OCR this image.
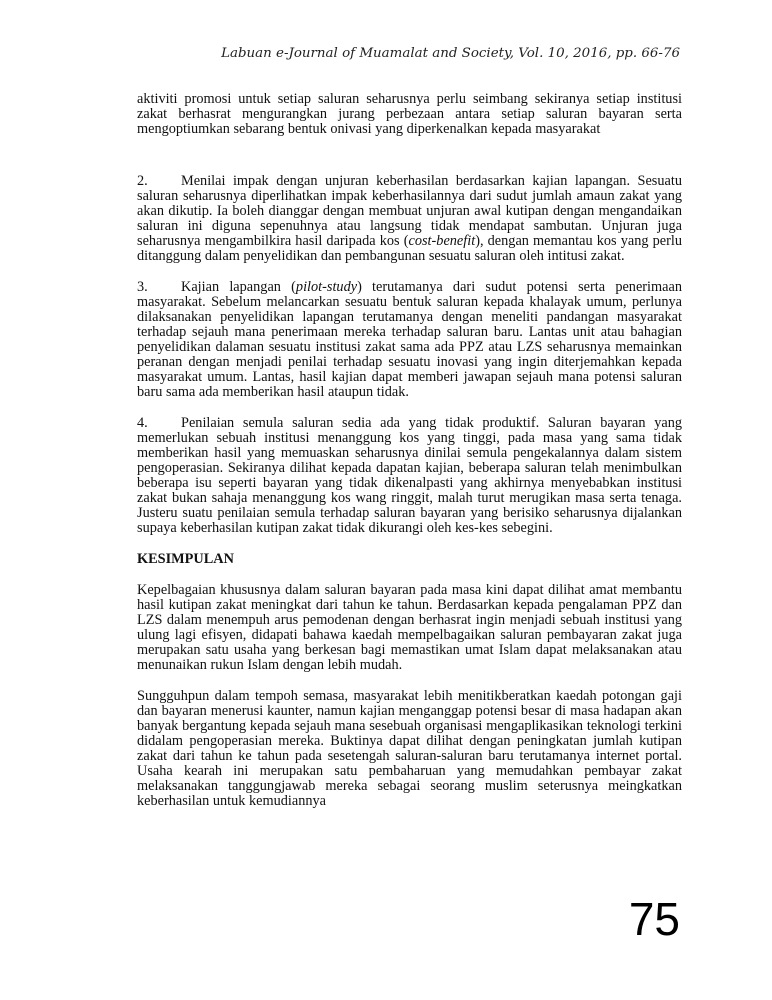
Labuan e-Journal of Muamalat and Society, Vol. 10, 2016, pp. 66-76

aktiviti promosi untuk setiap saluran seharusnya perlu seimbang sekiranya setiap institusi zakat berhasrat mengurangkan jurang perbezaan antara setiap saluran bayaran serta mengoptiumkan sebarang bentuk onivasi yang diperkenalkan kepada masyarakat

2. Menilai impak dengan unjuran keberhasilan berdasarkan kajian lapangan. Sesuatu saluran seharusnya diperlihatkan impak keberhasilannya dari sudut jumlah amaun zakat yang akan dikutip. Ia boleh dianggar dengan membuat unjuran awal kutipan dengan mengandaikan saluran ini diguna sepenuhnya atau langsung tidak mendapat sambutan. Unjuran juga seharusnya mengambilkira hasil daripada kos (cost-benefit), dengan memantau kos yang perlu ditanggung dalam penyelidikan dan pembangunan sesuatu saluran oleh intitusi zakat.

3. Kajian lapangan (pilot-study) terutamanya dari sudut potensi serta penerimaan masyarakat. Sebelum melancarkan sesuatu bentuk saluran kepada khalayak umum, perlunya dilaksanakan penyelidikan lapangan terutamanya dengan meneliti pandangan masyarakat terhadap sejauh mana penerimaan mereka terhadap saluran baru. Lantas unit atau bahagian penyelidikan dalaman sesuatu institusi zakat sama ada PPZ atau LZS seharusnya memainkan peranan dengan menjadi penilai terhadap sesuatu inovasi yang ingin diterjemahkan kepada masyarakat umum. Lantas, hasil kajian dapat memberi jawapan sejauh mana potensi saluran baru sama ada memberikan hasil ataupun tidak.

4. Penilaian semula saluran sedia ada yang tidak produktif. Saluran bayaran yang memerlukan sebuah institusi menanggung kos yang tinggi, pada masa yang sama tidak memberikan hasil yang memuaskan seharusnya dinilai semula pengekalannya dalam sistem pengoperasian. Sekiranya dilihat kepada dapatan kajian, beberapa saluran telah menimbulkan beberapa isu seperti bayaran yang tidak dikenalpasti yang akhirnya menyebabkan institusi zakat bukan sahaja menanggung kos wang ringgit, malah turut merugikan masa serta tenaga. Justeru suatu penilaian semula terhadap saluran bayaran yang berisiko seharusnya dijalankan supaya keberhasilan kutipan zakat tidak dikurangi oleh kes-kes sebegini.

KESIMPULAN

Kepelbagaian khususnya dalam saluran bayaran pada masa kini dapat dilihat amat membantu hasil kutipan zakat meningkat dari tahun ke tahun. Berdasarkan kepada pengalaman PPZ dan LZS dalam menempuh arus pemodenan dengan berhasrat ingin menjadi sebuah institusi yang ulung lagi efisyen, didapati bahawa kaedah mempelbagaikan saluran pembayaran zakat juga merupakan satu usaha yang berkesan bagi memastikan umat Islam dapat melaksanakan atau menunaikan rukun Islam dengan lebih mudah.

Sungguhpun dalam tempoh semasa, masyarakat lebih menitikberatkan kaedah potongan gaji dan bayaran menerusi kaunter, namun kajian menganggap potensi besar di masa hadapan akan banyak bergantung kepada sejauh mana sesebuah organisasi mengaplikasikan teknologi terkini didalam pengoperasian mereka. Buktinya dapat dilihat dengan peningkatan jumlah kutipan zakat dari tahun ke tahun pada sesetengah saluran-saluran baru terutamanya internet portal. Usaha kearah ini merupakan satu pembaharuan yang memudahkan pembayar zakat melaksanakan tanggungjawab mereka sebagai seorang muslim seterusnya meingkatkan keberhasilan untuk kemudiannya

75
